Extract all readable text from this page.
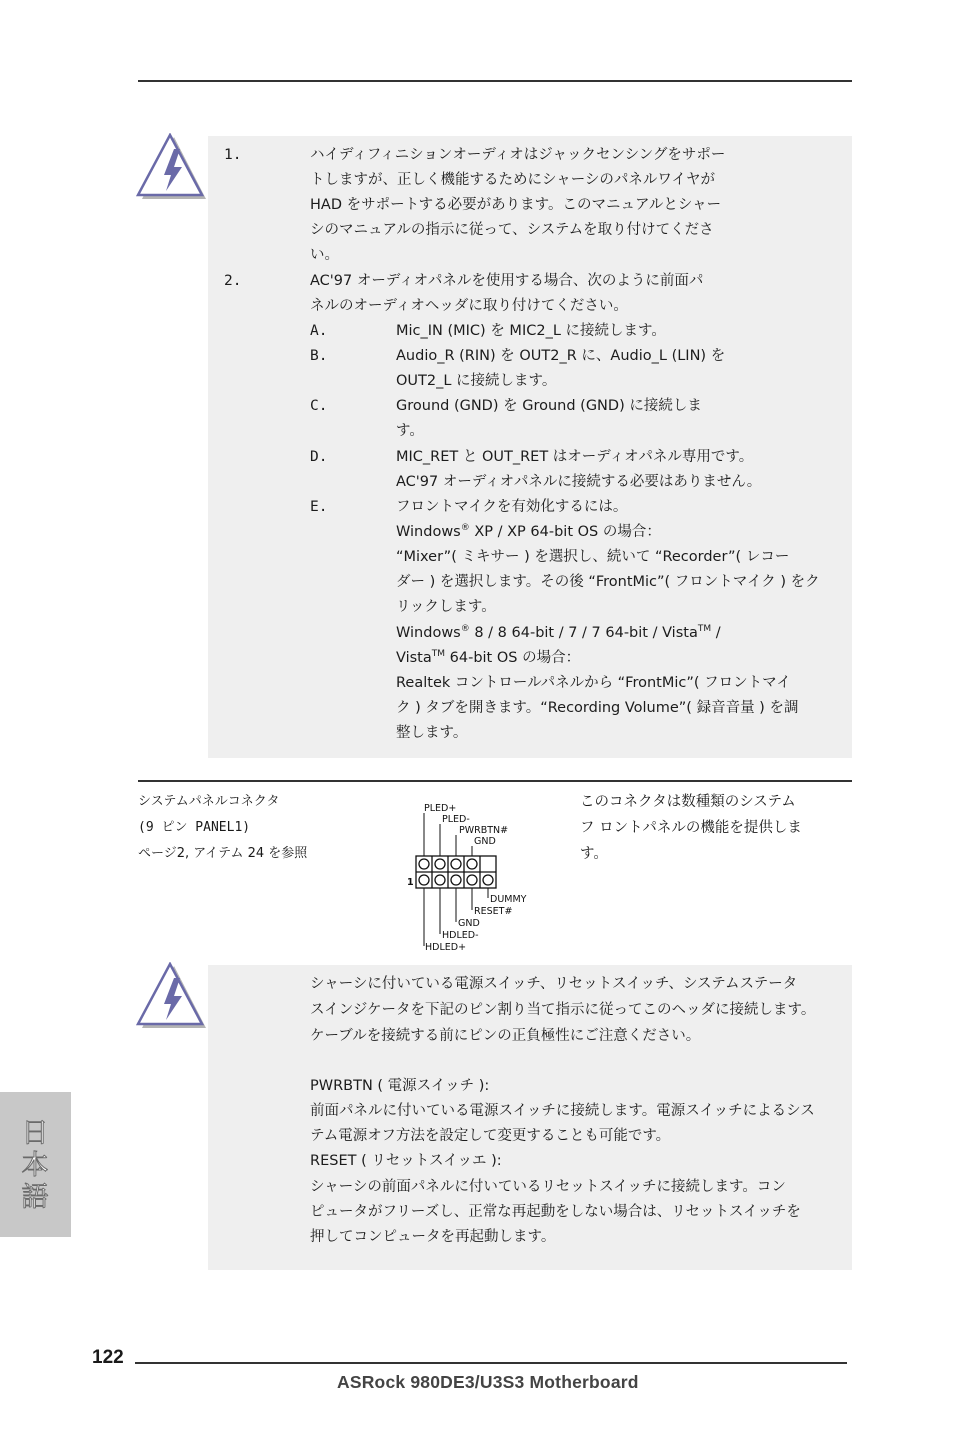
1.	ハイディフィニションオーディオはジャックセンシングをサポー
トしますが、正しく機能するためにシャーシのパネルワイヤが
HAD をサポートする必要があります。このマニュアルとシャー
シのマニュアルの指示に従って、システムを取り付けてくださ
い。
2.	AC'97 オーディオパネルを使用する場合、次のように前面パ
ネルのオーディオヘッダに取り付けてください。
A.	Mic_IN (MIC) を MIC2_L に接続します。
B.	Audio_R (RIN) を OUT2_R に、Audio_L (LIN) を
OUT2_L に接続します。
C.	Ground (GND) を Ground (GND) に接続しま
す。
D.	MIC_RET と OUT_RET はオーディオパネル専用です。
AC'97 オーディオパネルに接続する必要はありません。
E.	フロントマイクを有効化するには。
Windows® XP / XP 64-bit OS の場合：
“Mixer”( ミキサー ) を選択し、続いて “Recorder”( レコー
ダー ) を選択します。その後 “FrontMic”( フロントマイク ) をク
リックします。
Windows® 8 / 8 64-bit / 7 / 7 64-bit / Vista™ /
Vista™ 64-bit OS の場合：
Realtek コントロールパネルから “FrontMic”( フロントマイ
ク ) タブを開きます。“Recording Volume”( 録音音量 ) を調
整します。
システムパネルコネクタ
(9 ピン PANEL1)
ページ2, アイテム 24 を参照
PLED+
PLED-
PWRBTN#
GND
1
DUMMY
RESET#
GND
HDLED-
HDLED+
このコネクタは数種類のシステム
フ ロントパネルの機能を提供しま
す。
シャーシに付いている電源スイッチ、リセットスイッチ、システムステータ
スインジケータを下記のピン割り当て指示に従ってこのヘッダに接続します。
ケーブルを接続する前にピンの正負極性にご注意ください。
PWRBTN ( 電源スイッチ ):
前面パネルに付いている電源スイッチに接続します。電源スイッチによるシス
テム電源オフ方法を設定して変更することも可能です。
RESET ( リセットスイッエ ):
シャーシの前面パネルに付いているリセットスイッチに接続します。コン
ピュータがフリーズし、正常な再起動をしない場合は、リセットスイッチを
押してコンピュータを再起動します。
日本語
122
ASRock 980DE3/U3S3 Motherboard
